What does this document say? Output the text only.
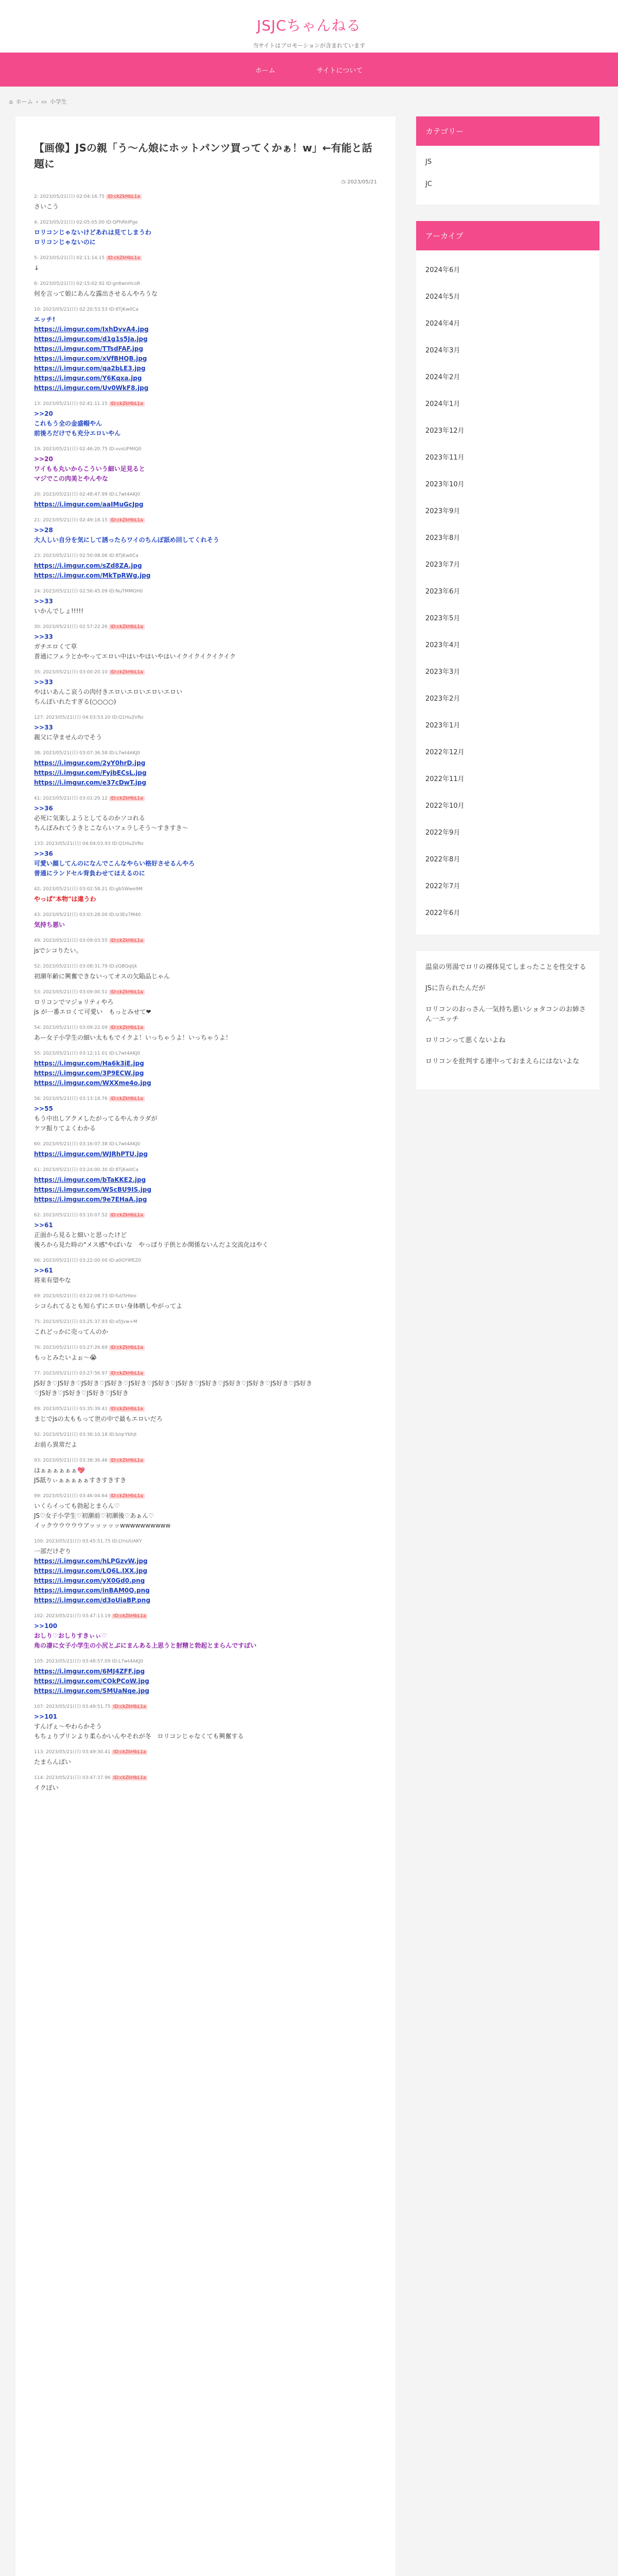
JSJCちゃんねる
当サイトはプロモーションが含まれています
ホーム	サイトについて
⌂ ホーム › ▭ 小学生
【画像】JSの親「う〜ん娘にホットパンツ買ってくかぁ！w」←有能と話題に
◷ 2023/05/21
2: 2023/05/21(日) 02:04:16.75 ID:ckZkHbL1a
さいこう
4: 2023/05/21(日) 02:05:05.00 ID:QPhRkIPge
ロリコンじゃないけどあれは見てしまうわ
ロリコンじゃないのに
5: 2023/05/21(日) 02:11:14.15 ID:ckZkHbL1a
↓
6: 2023/05/21(日) 02:15:02.92 ID:gn6wnHcoR
何を言って娘にあんな露出させるんやろうな
10: 2023/05/21(日) 02:20:53.53 ID:8TjKw0Ca
エッチ!
https://i.imgur.com/IxhDvvA4.jpg
https://i.imgur.com/d1g1s5Ja.jpg
https://i.imgur.com/TTsdFAF.jpg
https://i.imgur.com/xVfBHQB.jpg
https://i.imgur.com/qa2bLE3.jpg
https://i.imgur.com/Y6Kqxa.jpg
https://i.imgur.com/Uv0WkF8.jpg
13: 2023/05/21(日) 02:41:11.15 ID:ckZkHbL1a
>>20
これもう全の金盛帽やん
前後ろだけでも充分エロいやん
19: 2023/05/21(日) 02:46:20.75 ID:vvsUFMIQ0
>>20
ワイもも丸いからこういう細い足見ると
マジでこの肉美とやんやな
20: 2023/05/21(日) 02:48:47.99 ID:L7wt4AKJ0
https://i.imgur.com/aaIMuGcJpg
21: 2023/05/21(日) 02:49:18.15 ID:ckZkHbL1a
>>28
大人しい自分を気にして誘ったらワイのちんぽ舐め回してくれそう
23: 2023/05/21(日) 02:50:08.06 ID:8TjKw0Ca
https://i.imgur.com/sZd8ZA.jpg
https://i.imgur.com/MkTpRWg.jpg
24: 2023/05/21(日) 02:56:45.09 ID:NuTMMGH0
>>33
いかんでしょ!!!!!
30: 2023/05/21(日) 02:57:22.26 ID:ckZkHbL1a
>>33
ガチエロくて草
普通にフェラとかやってエロい中はいやはいやはいイクイクイクイクイク
35: 2023/05/21(日) 03:00:20.10 ID:ckZkHbL1a
>>33
やはいあんこ哀うの肉付きエロいエロいエロいエロい
ちんぽいれたすぎる(○○○○)
127: 2023/05/21(日) 04:03:53.20 ID:Q1Hu2VRo
>>33
親父に孕ませんのでそう
38: 2023/05/21(日) 03:07:36.58 ID:L7wt4AKJ0
https://i.imgur.com/2yY0hrD.jpg
https://i.imgur.com/FyjbECsL.jpg
https://i.imgur.com/e37cDwT.jpg
41: 2023/05/21(日) 03:01:29.12 ID:ckZkHbL1a
>>36
必死に気楽しようとしてるのかソコれる
ちんぽみれてうきとこならいフェラしそう〜すきすき〜
133: 2023/05/21(日) 04:04:03.93 ID:Q1Hu2VRo
>>36
可愛い顔してんのになんでこんなやらい格好させるんやろ
普通にランドセル背負わせてほえるのに
42: 2023/05/21(日) 03:02:58.21 ID:gb5Wwe9M
やっぱ"本物"は違うわ
43: 2023/05/21(日) 03:03:28.00 ID:Iz3Ev7M40
気持ち悪い
49: 2023/05/21(日) 03:09:03.55 ID:ckZkHbL1a
jsでシコりたい。
52: 2023/05/21(日) 03:08:31.79 ID:zQBQqtjk
初潮年齢に興奮できないってオスの欠陥品じゃん
53: 2023/05/21(日) 03:09:00.51 ID:ckZkHbL1a
ロリコンでマジョリティやろ
js が一番エロくて可愛い　もっとみせて❤
54: 2023/05/21(日) 03:09:22.09 ID:ckZkHbL1a
あー女子小学生の細い太ももでイクよ！いっちゃうよ！いっちゃうよ！
55: 2023/05/21(日) 03:12:11.01 ID:L7wt4AKJ0
https://i.imgur.com/Ha6k3iE.jpg
https://i.imgur.com/3P9ECW.jpg
https://i.imgur.com/WXXme4o.jpg
56: 2023/05/21(日) 03:13:18.76 ID:ckZkHbL1a
>>55
もう中出しアクメしたがってるやんカラダが
ケツ振りてよくわかる
60: 2023/05/21(日) 03:16:07.38 ID:L7wt4AKJ0
https://i.imgur.com/WJRhPTU.jpg
61: 2023/05/21(日) 03:24:00.30 ID:8TjKw0Ca
https://i.imgur.com/bTaKKE2.jpg
https://i.imgur.com/WScBU9IS.jpg
https://i.imgur.com/9e7EHaA.jpg
62: 2023/05/21(日) 03:10:07.52 ID:ckZkHbL1a
>>61
正面から見ると細いと思ったけど
後ろから見た時の"メス感"やばいな　やっぱり子供とか関係ないんだよ交流化はやく
66: 2023/05/21(日) 03:22:00.00 ID:a0GY9fEZ0
>>61
将来有望やな
69: 2023/05/21(日) 03:22:08.73 ID:ful/5HIeo
シコられてるとも知らずにエロい身体晒しやがってよ
75: 2023/05/21(日) 03:25:37.93 ID:xf/Jvw+M
これどっかに売ってんのか
76: 2023/05/21(日) 03:27:26.69 ID:ckZkHbL1a
もっとみたいよぉ〜😭
77: 2023/05/21(日) 03:27:56.97 ID:ckZkHbL1a
JS好き♡JS好き♡JS好き♡JS好き♡JS好き♡JS好き♡JS好き♡JS好き♡JS好き♡JS好き♡JS好き♡JS好き
♡JS好き♡JS好き♡JS好き♡JS好き
89: 2023/05/21(日) 03:35:39.41 ID:ckZkHbL1a
まじでjsの太ももって世の中で最もエロいだろ
92: 2023/05/21(日) 03:36:10.18 ID:b/qrYbhjt
お前ら異常だよ
93: 2023/05/21(日) 03:38:36.46 ID:ckZkHbL1a
はぁぁぁぁぁぁ💖
JS舐りぃぁぁぁぁぁすきすきすき
99: 2023/05/21(日) 03:46:04.64 ID:ckZkHbL1a
いくらイっても勃起とまらん♡
JS♡女子小学生♡初潮前♡初潮後♡あぁん♡
イックウウウウウアッッッッッwwwwwwwwww
100: 2023/05/21(日) 03:45:51.75 ID:LYnUUAKY
一部だけぞり
https://i.imgur.com/hLPGzvW.jpg
https://i.imgur.com/LQ6L.IXX.jpg
https://i.imgur.com/yX0Gd0.png
https://i.imgur.com/inBAM0Q.png
https://i.imgur.com/d3oUiaBP.png
102: 2023/05/21(日) 03:47:13.19 ID:ckZkHbL1a
>>100
おしり♡おしりすきぃぃ♡
角の凄に女子小学生の小尻とぶにまんある上思うと射精と勃起とまらんですぽい
105: 2023/05/21(日) 03:48:57.09 ID:L7wt4AKJ0
https://i.imgur.com/6MJ4ZFF.jpg
https://i.imgur.com/COkPCoW.jpg
https://i.imgur.com/SMUaNqe.jpg
107: 2023/05/21(日) 03:49:51.75 ID:ckZkHbL1a
>>101
すんげぇ〜やわらかそう
もちょりプリンより柔らかいんやそれが冬　ロリコンじゃなくても興奮する
113: 2023/05/21(日) 03:49:30.41 ID:ckZkHbL1a
たまらんばい
114: 2023/05/21(日) 03:47:37.96 ID:ckZkHbL1a
イクぼい
カテゴリー
JS
JC
アーカイブ
2024年6月
2024年5月
2024年4月
2024年3月
2024年2月
2024年1月
2023年12月
2023年11月
2023年10月
2023年9月
2023年8月
2023年7月
2023年6月
2023年5月
2023年4月
2023年3月
2023年2月
2023年1月
2022年12月
2022年11月
2022年10月
2022年9月
2022年8月
2022年7月
2022年6月
温泉の男湯でロリの裸体見てしまったことを性交する
JSに告られたんだが
ロリコンのおっさん一気持ち悪いショタコンのお姉さん一エッチ
ロリコンって悪くないよね
ロリコンを批判する連中っておまえらにはないよな
